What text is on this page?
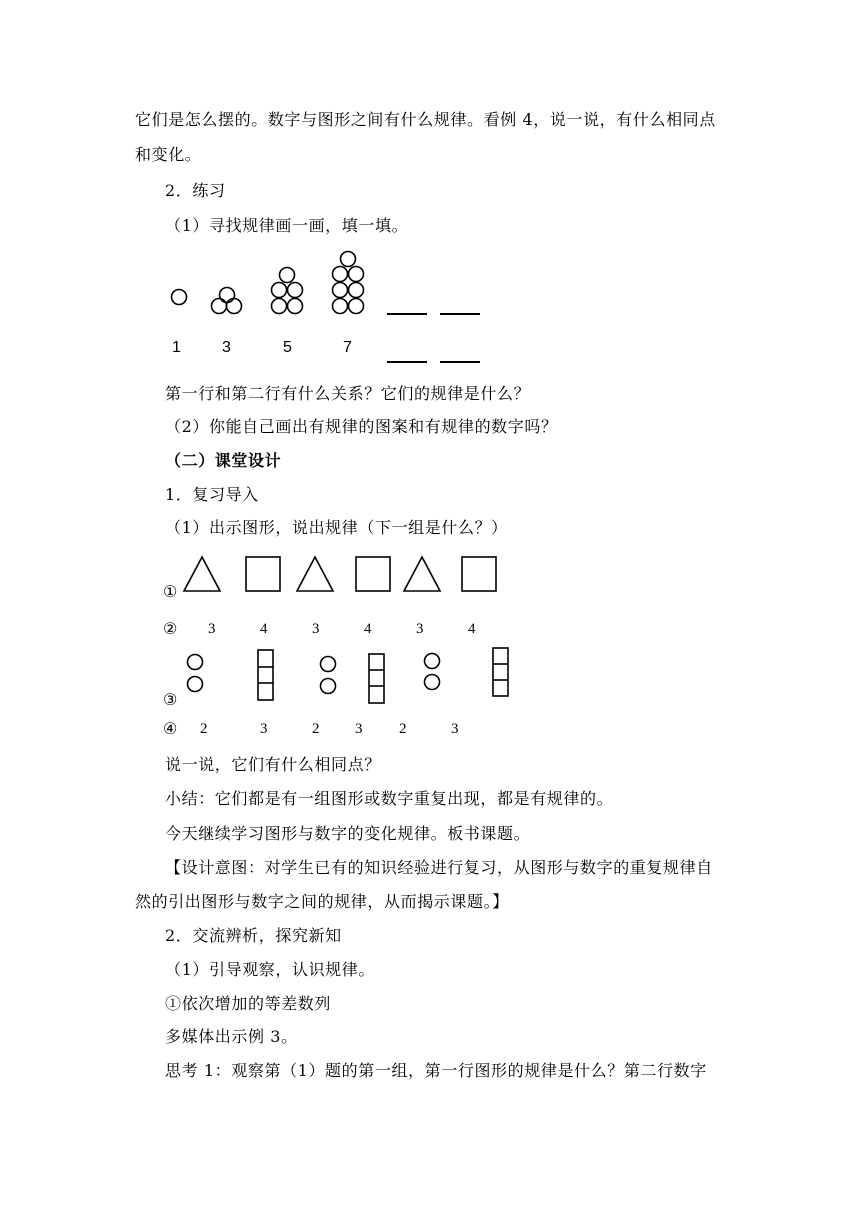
它们是怎么摆的。数字与图形之间有什么规律。看例 4，说一说，有什么相同点
和变化。
2．练习
（1）寻找规律画一画，填一填。
1	3	5	7
第一行和第二行有什么关系？它们的规律是什么？
（2）你能自己画出有规律的图案和有规律的数字吗？
（二）课堂设计
1．复习导入
（1）出示图形，说出规律（下一组是什么？）
①
② 3	4	3	4	3	4
③
④ 2	3	2 3 2	3
说一说，它们有什么相同点？
小结：它们都是有一组图形或数字重复出现，都是有规律的。
今天继续学习图形与数字的变化规律。板书课题。
【设计意图：对学生已有的知识经验进行复习，从图形与数字的重复规律自
然的引出图形与数字之间的规律，从而揭示课题。】
2．交流辨析，探究新知
（1）引导观察，认识规律。
①依次增加的等差数列
多媒体出示例 3。
思考 1：观察第（1）题的第一组，第一行图形的规律是什么？第二行数字
